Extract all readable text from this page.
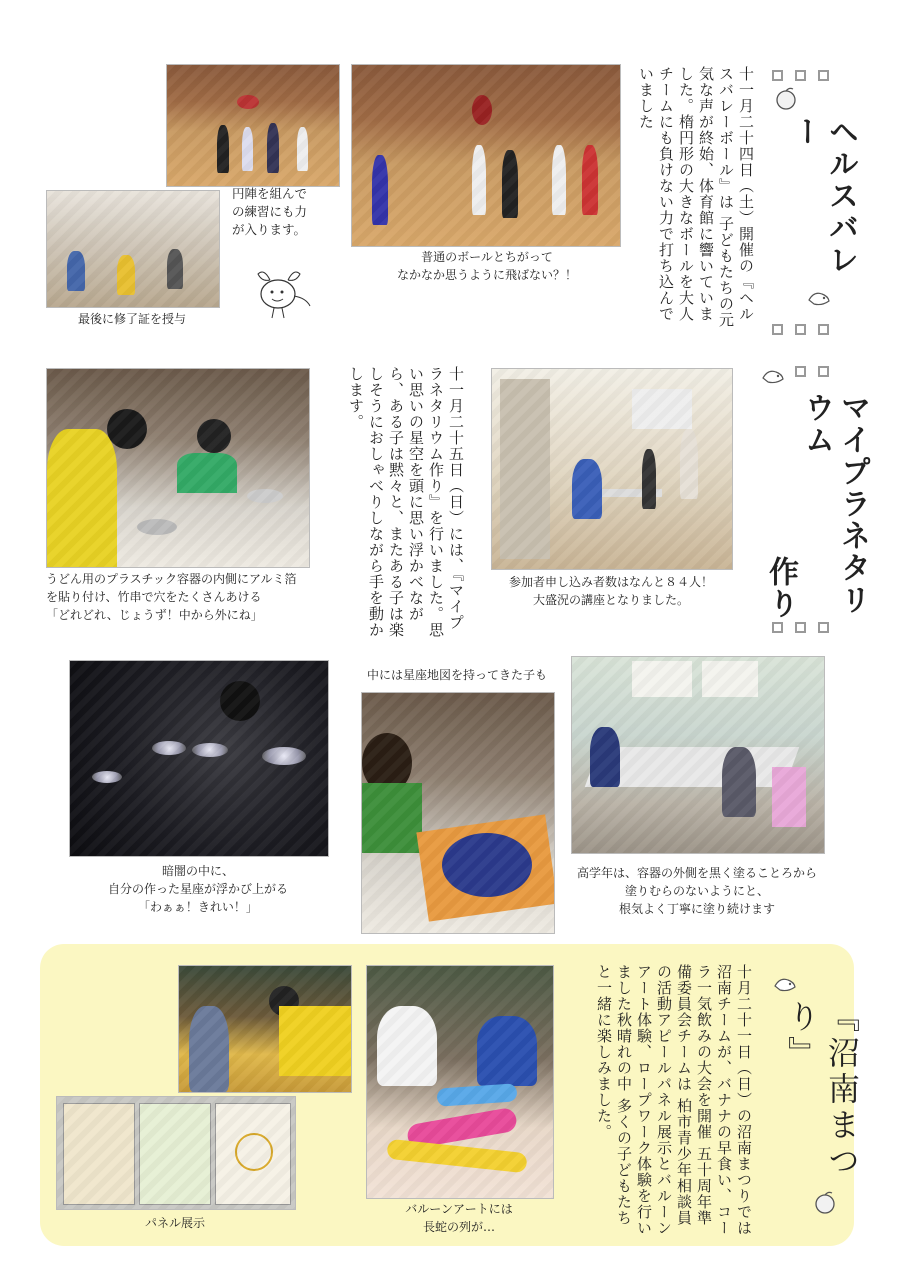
円陣を組んで
の練習にも力
が入ります。
普通のボールとちがって
なかなか思うように飛ばない？！
最後に修了証を授与	十一月二十四日（土）開催の『ヘルスバレーボール』は 子どもたちの元気な声が終始、体育館に響いていました。楕円形の大きなボールを大人チームにも負けない力で打ち込んでいました
ヘルスバレー
うどん用のプラスチック容器の内側にアルミ箔
を貼り付け、竹串で穴をたくさんあける
「どれどれ、じょうず！中から外にね」	十一月二十五日（日）には、『マイプラネタリウム作り』を行いました。思い思いの星空を頭に思い浮かべながら、ある子は黙々と、またある子は楽しそうにおしゃべりしながら手を動かします。
参加者申し込み者数はなんと８４人！
大盛況の講座となりました。	マイプラネタリウム
作り
暗闇の中に、
自分の作った星座が浮かび上がる
「わぁぁ！きれい！」
中には星座地図を持ってきた子も
高学年は、容器の外側を黒く塗ることろから
塗りむらのないようにと、
根気よく丁寧に塗り続けます
パネル展示
バルーンアートには
長蛇の列が…	十月二十一日（日）の沼南まつりでは沼南チームが、バナナの早食い、コーラ一気飲みの大会を開催 五十周年準備委員会チームは 柏市青少年相談員の活動アピールパネル展示とバルーンアート体験、ロープワーク体験を行いました秋晴れの中 多くの子どもたちと一緒に楽しみました。	『沼南まつり』
